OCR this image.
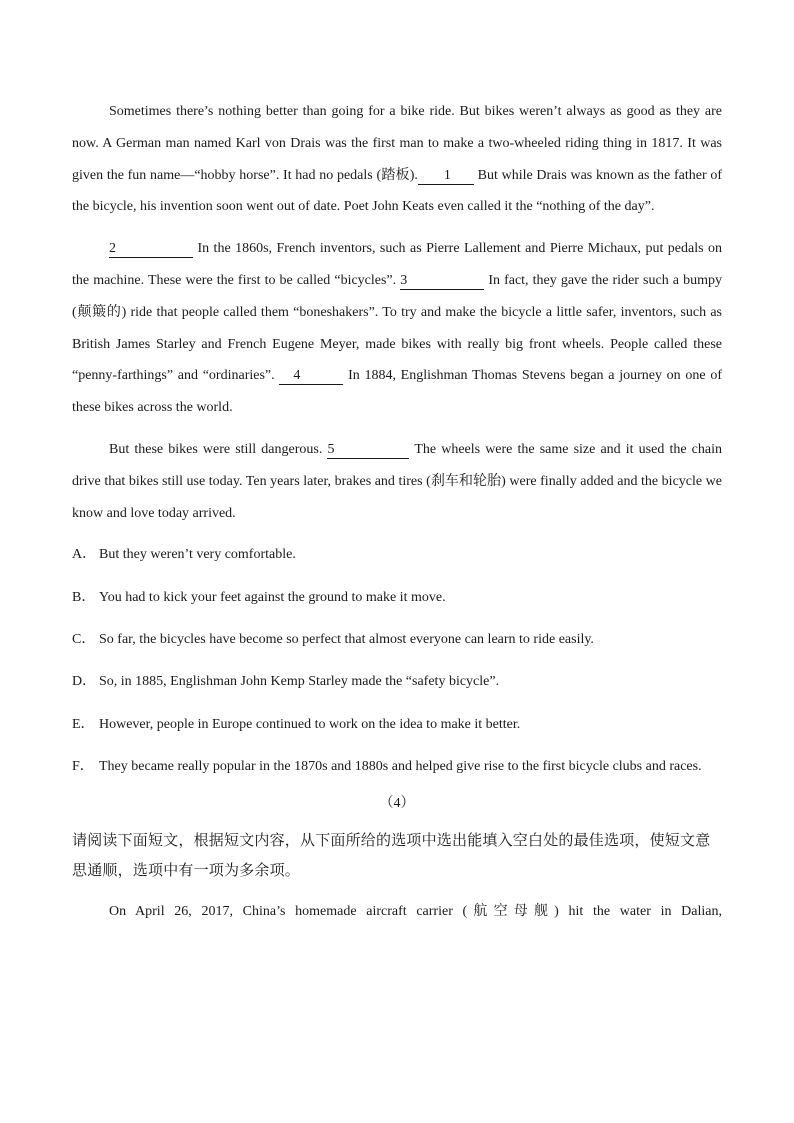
Sometimes there’s nothing better than going for a bike ride. But bikes weren’t always as good as they are now. A German man named Karl von Drais was the first man to make a two-wheeled riding thing in 1817. It was given the fun name—“hobby horse”. It had no pedals (踏板). 1 But while Drais was known as the father of the bicycle, his invention soon went out of date. Poet John Keats even called it the “nothing of the day”.

2	In the 1860s, French inventors, such as Pierre Lallement and Pierre Michaux, put pedals on the machine. These were the first to be called “bicycles”. 3	In fact, they gave the rider such a bumpy (颠簸的) ride that people called them “boneshakers”. To try and make the bicycle a little safer, inventors, such as British James Starley and French Eugene Meyer, made bikes with really big front wheels. People called these “penny-farthings” and “ordinaries”. 4	In 1884, Englishman Thomas Stevens began a journey on one of these bikes across the world.

But these bikes were still dangerous. 5	The wheels were the same size and it used the chain drive that bikes still use today. Ten years later, brakes and tires (刹车和轮胎) were finally added and the bicycle we know and love today arrived.

A． But they weren’t very comfortable.
B． You had to kick your feet against the ground to make it move.
C． So far, the bicycles have become so perfect that almost everyone can learn to ride easily.
D． So, in 1885, Englishman John Kemp Starley made the “safety bicycle”.
E． However, people in Europe continued to work on the idea to make it better.
F． They became really popular in the 1870s and 1880s and helped give rise to the first bicycle clubs and races.
（4）
请阅读下面短文，根据短文内容，从下面所给的选项中选出能填入空白处的最佳选项，使短文意思通顺，选项中有一项为多余项。
On April 26, 2017, China’s homemade aircraft carrier (航空母舰) hit the water in Dalian,
